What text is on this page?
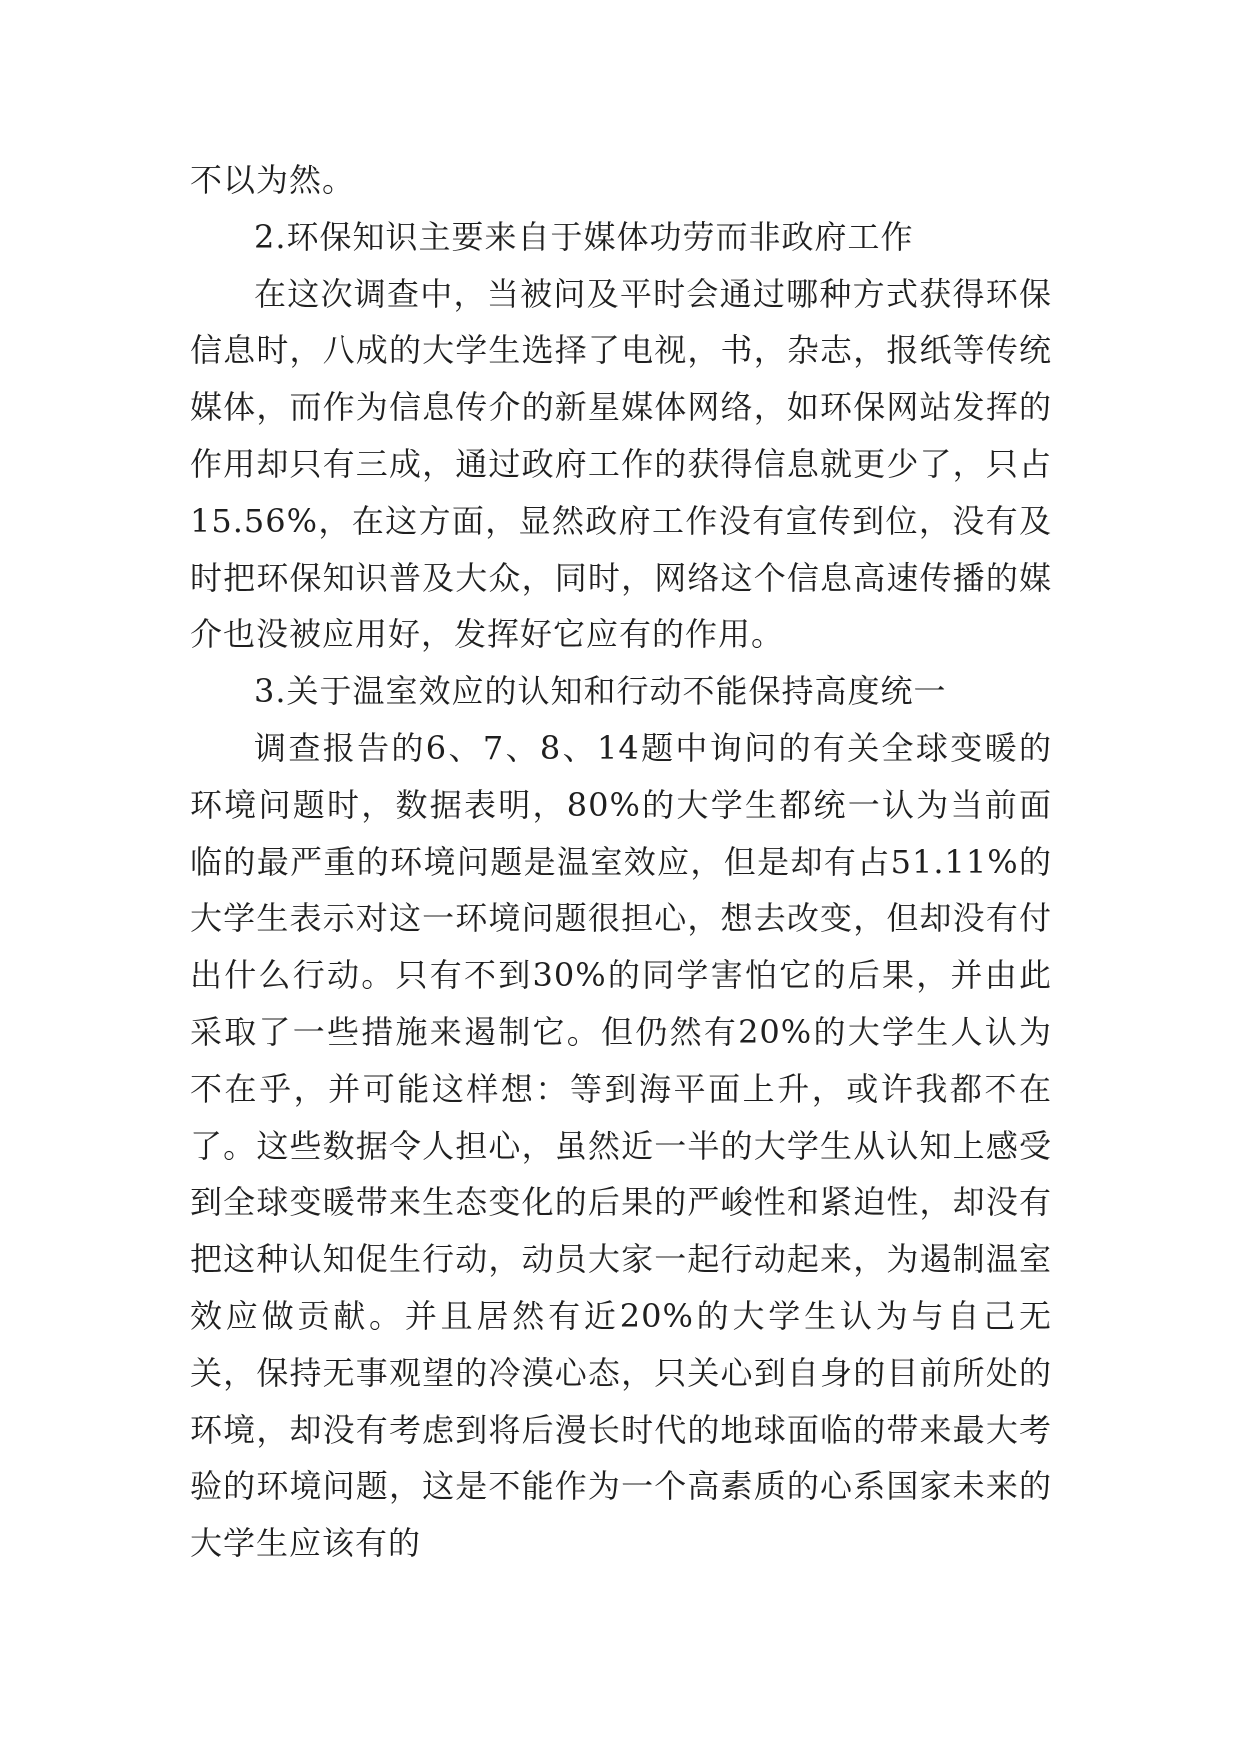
不以为然。

2.环保知识主要来自于媒体功劳而非政府工作

在这次调查中，当被问及平时会通过哪种方式获得环保信息时，八成的大学生选择了电视，书，杂志，报纸等传统媒体，而作为信息传介的新星媒体网络，如环保网站发挥的作用却只有三成，通过政府工作的获得信息就更少了，只占15.56%，在这方面，显然政府工作没有宣传到位，没有及时把环保知识普及大众，同时，网络这个信息高速传播的媒介也没被应用好，发挥好它应有的作用。

3.关于温室效应的认知和行动不能保持高度统一

调查报告的6、7、8、14题中询问的有关全球变暖的环境问题时，数据表明，80%的大学生都统一认为当前面临的最严重的环境问题是温室效应，但是却有占51.11%的大学生表示对这一环境问题很担心，想去改变，但却没有付出什么行动。只有不到30%的同学害怕它的后果，并由此采取了一些措施来遏制它。但仍然有20%的大学生人认为不在乎，并可能这样想：等到海平面上升，或许我都不在了。这些数据令人担心，虽然近一半的大学生从认知上感受到全球变暖带来生态变化的后果的严峻性和紧迫性，却没有把这种认知促生行动，动员大家一起行动起来，为遏制温室效应做贡献。并且居然有近20%的大学生认为与自己无关，保持无事观望的冷漠心态，只关心到自身的目前所处的环境，却没有考虑到将后漫长时代的地球面临的带来最大考验的环境问题，这是不能作为一个高素质的心系国家未来的大学生应该有的
